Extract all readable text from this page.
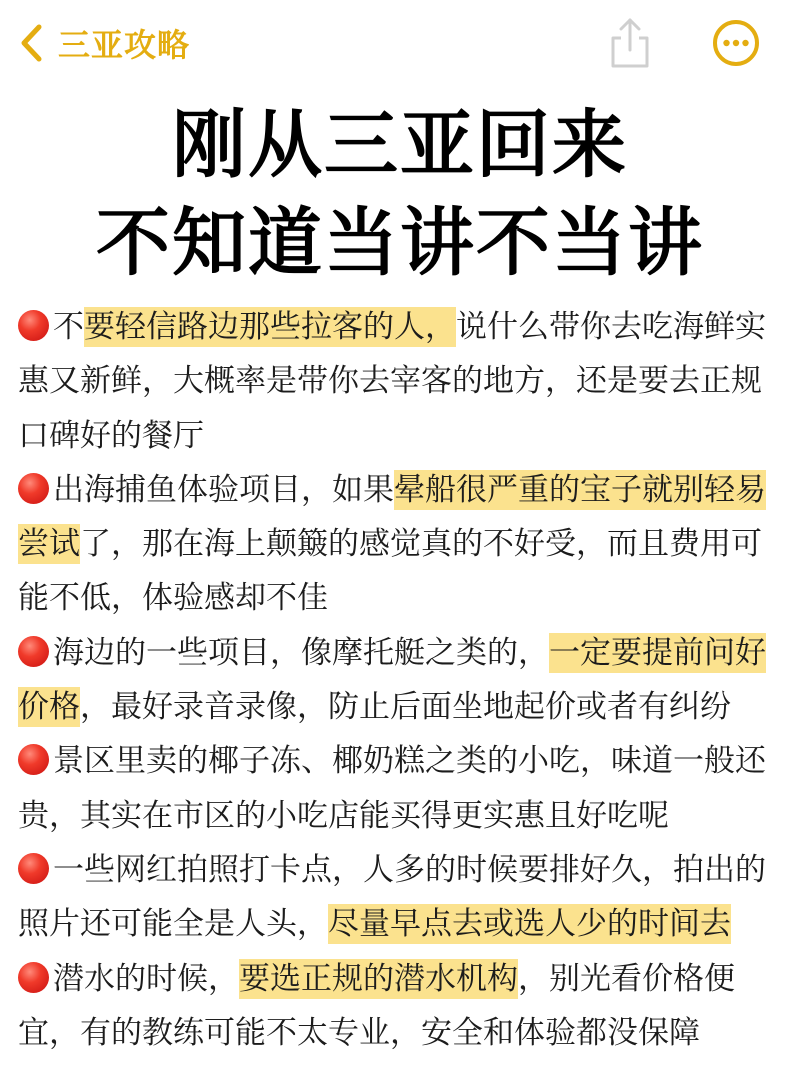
三亚攻略
刚从三亚回来
不知道当讲不当讲

不要轻信路边那些拉客的人，说什么带你去吃海鲜实惠又新鲜，大概率是带你去宰客的地方，还是要去正规口碑好的餐厅

出海捕鱼体验项目，如果晕船很严重的宝子就别轻易尝试了，那在海上颠簸的感觉真的不好受，而且费用可能不低，体验感却不佳

海边的一些项目，像摩托艇之类的，一定要提前问好价格，最好录音录像，防止后面坐地起价或者有纠纷

景区里卖的椰子冻、椰奶糕之类的小吃，味道一般还贵，其实在市区的小吃店能买得更实惠且好吃呢

一些网红拍照打卡点，人多的时候要排好久，拍出的照片还可能全是人头，尽量早点去或选人少的时间去

潜水的时候，要选正规的潜水机构，别光看价格便宜，有的教练可能不太专业，安全和体验都没保障
